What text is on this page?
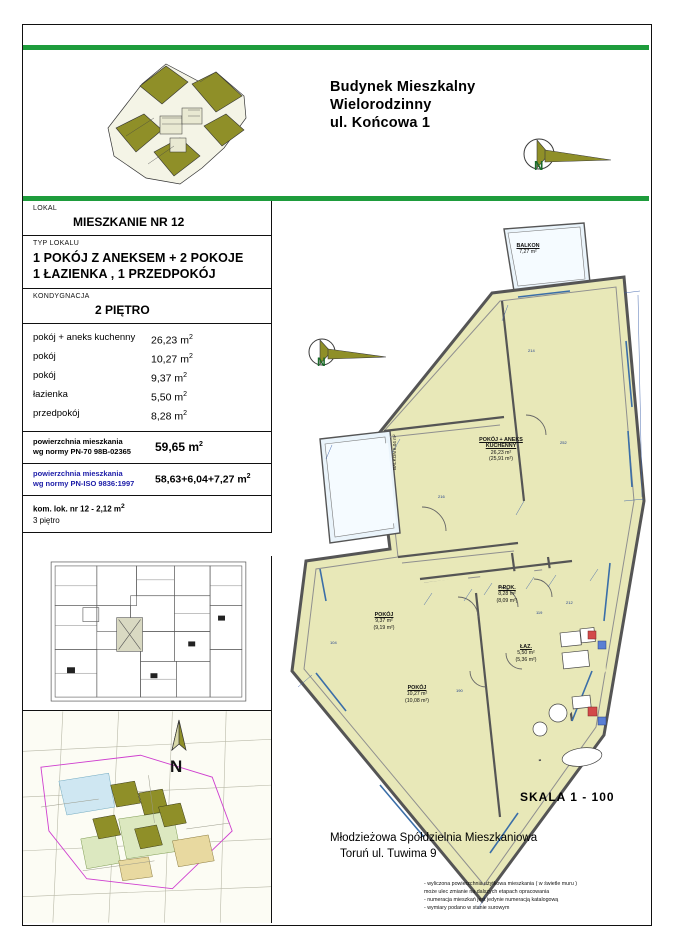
Budynek Mieszkalny
Wielorodzinny
ul. Końcowa 1
N
LOKAL
MIESZKANIE NR 12
TYP LOKALU
1 POKÓJ Z ANEKSEM + 2 POKOJE
1 ŁAZIENKA , 1 PRZEDPOKÓJ
KONDYGNACJA
2 PIĘTRO
pokój + aneks kuchenny	26,23 $m^2$
pokój	10,27 $m^2$
pokój	9,37 $m^2$
łazienka	5,50 $m^2$
przedpokój	8,28 $m^2$
powierzchnia mieszkania
wg normy PN-70 98B-02365	59,65 $m^2$
powierzchnia mieszkania
wg normy PN-ISO 9836:1997	58,63+6,04+7,27 $m^2$
kom. lok. nr 12 - 2,12 $m^2$
3 piętro
N
N
BALKON
7,27 m²
POKÓJ + ANEKS
KUCHENNY
26,23 m²
(25,91 m²)
BALKON 6,04 m²
P.POK.
8,28 m²
(8,09 m²)
POKÓJ
9,37 m²
(9,19 m²)
POKÓJ
10,27 m²
(10,08 m²)
ŁAZ.
5,50 m²
(5,36 m²)
214
252
212
216
104
190
119
SKALA 1 - 100
Młodzieżowa Spółdzielnia Mieszkaniowa
Toruń ul. Tuwima 9
- wyliczona powierzchnia użytkowa mieszkania ( w świetle muru )
może ulec zmianie na dalszych etapach opracowania
- numeracja mieszkań jest jedynie numeracją katalogową
- wymiary podano w stanie surowym
